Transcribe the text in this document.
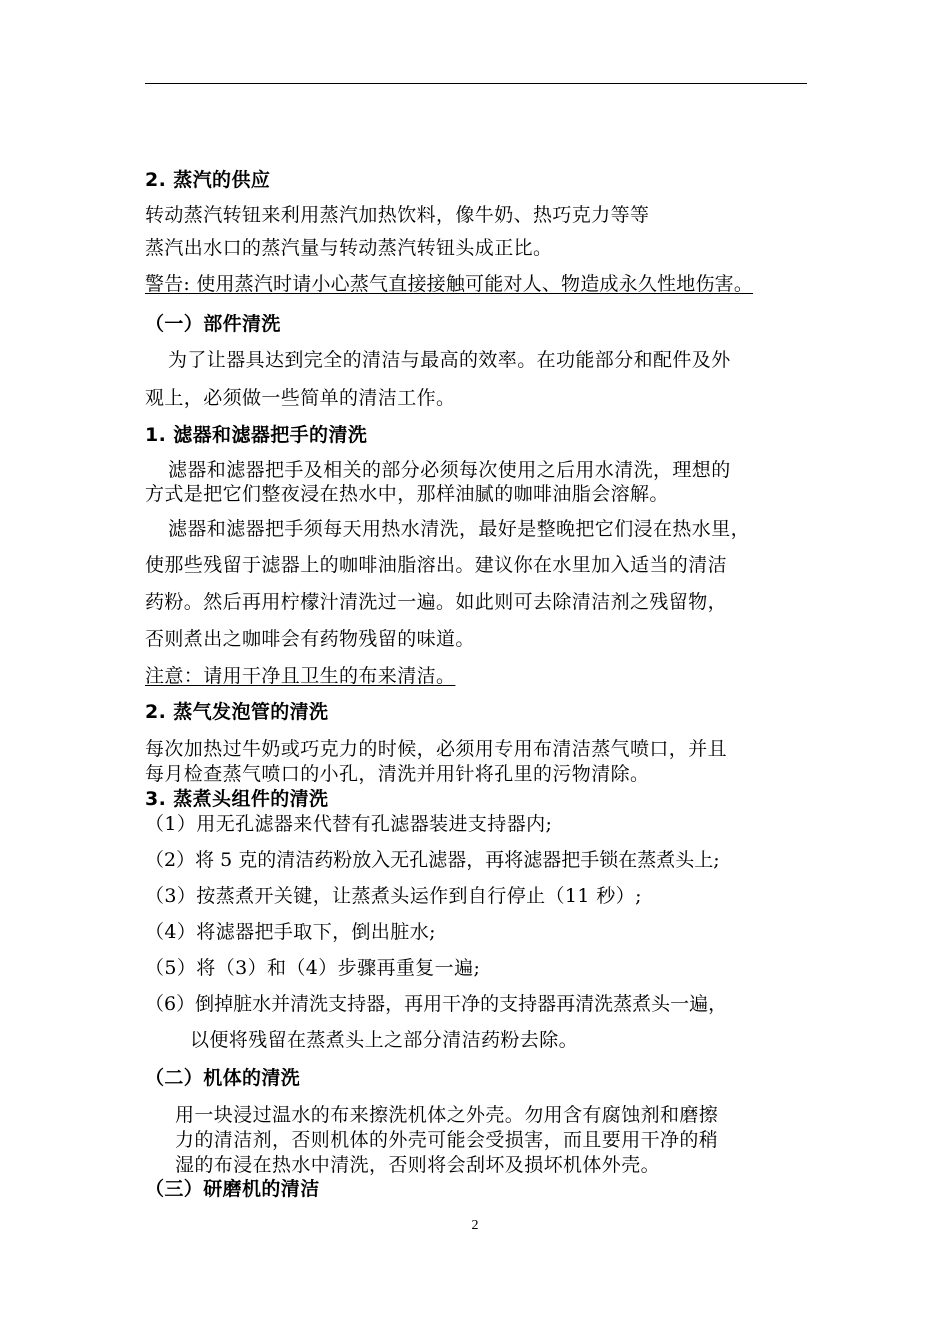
2. 蒸汽的供应
转动蒸汽转钮来利用蒸汽加热饮料，像牛奶、热巧克力等等
蒸汽出水口的蒸汽量与转动蒸汽转钮头成正比。
警告: 使用蒸汽时请小心蒸气直接接触可能对人、物造成永久性地伤害。
（一）部件清洗
为了让器具达到完全的清洁与最高的效率。在功能部分和配件及外
观上，必须做一些简单的清洁工作。
1. 滤器和滤器把手的清洗
滤器和滤器把手及相关的部分必须每次使用之后用水清洗，理想的
方式是把它们整夜浸在热水中，那样油腻的咖啡油脂会溶解。
滤器和滤器把手须每天用热水清洗，最好是整晚把它们浸在热水里，
使那些残留于滤器上的咖啡油脂溶出。建议你在水里加入适当的清洁
药粉。然后再用柠檬汁清洗过一遍。如此则可去除清洁剂之残留物，
否则煮出之咖啡会有药物残留的味道。
注意：请用干净且卫生的布来清洁。
2. 蒸气发泡管的清洗
每次加热过牛奶或巧克力的时候，必须用专用布清洁蒸气喷口，并且
每月检查蒸气喷口的小孔，清洗并用针将孔里的污物清除。
3. 蒸煮头组件的清洗
（1）用无孔滤器来代替有孔滤器装进支持器内;
（2）将 5 克的清洁药粉放入无孔滤器，再将滤器把手锁在蒸煮头上;
（3）按蒸煮开关键，让蒸煮头运作到自行停止（11 秒）;
（4）将滤器把手取下，倒出脏水;
（5）将（3）和（4）步骤再重复一遍;
（6）倒掉脏水并清洗支持器，再用干净的支持器再清洗蒸煮头一遍，
以便将残留在蒸煮头上之部分清洁药粉去除。
（二）机体的清洗
用一块浸过温水的布来擦洗机体之外壳。勿用含有腐蚀剂和磨擦
力的清洁剂，否则机体的外壳可能会受损害，而且要用干净的稍
湿的布浸在热水中清洗，否则将会刮坏及损坏机体外壳。
（三）研磨机的清洁
2
